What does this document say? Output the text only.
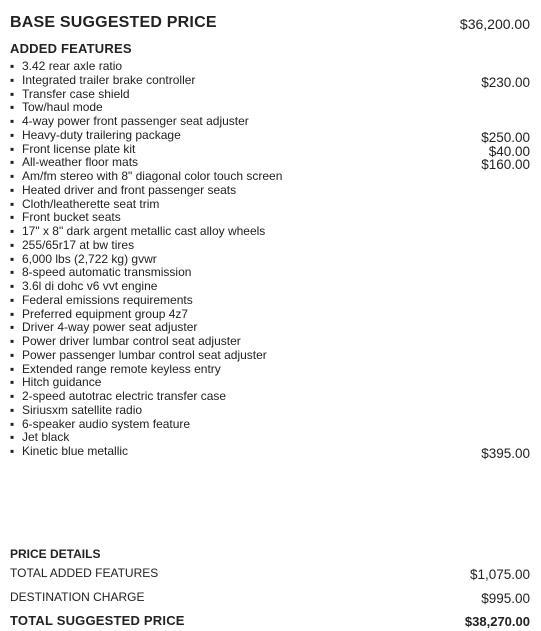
BASE SUGGESTED PRICE	$36,200.00
ADDED FEATURES
▪ 3.42 rear axle ratio
▪ Integrated trailer brake controller	$230.00
▪ Transfer case shield
▪ Tow/haul mode
▪ 4-way power front passenger seat adjuster
▪ Heavy-duty trailering package	$250.00
▪ Front license plate kit	$40.00
▪ All-weather floor mats	$160.00
▪ Am/fm stereo with 8" diagonal color touch screen
▪ Heated driver and front passenger seats
▪ Cloth/leatherette seat trim
▪ Front bucket seats
▪ 17" x 8" dark argent metallic cast alloy wheels
▪ 255/65r17 at bw tires
▪ 6,000 lbs (2,722 kg) gvwr
▪ 8-speed automatic transmission
▪ 3.6l di dohc v6 vvt engine
▪ Federal emissions requirements
▪ Preferred equipment group 4z7
▪ Driver 4-way power seat adjuster
▪ Power driver lumbar control seat adjuster
▪ Power passenger lumbar control seat adjuster
▪ Extended range remote keyless entry
▪ Hitch guidance
▪ 2-speed autotrac electric transfer case
▪ Siriusxm satellite radio
▪ 6-speaker audio system feature
▪ Jet black
▪ Kinetic blue metallic	$395.00
PRICE DETAILS
TOTAL ADDED FEATURES	$1,075.00
DESTINATION CHARGE	$995.00
TOTAL SUGGESTED PRICE	$38,270.00
